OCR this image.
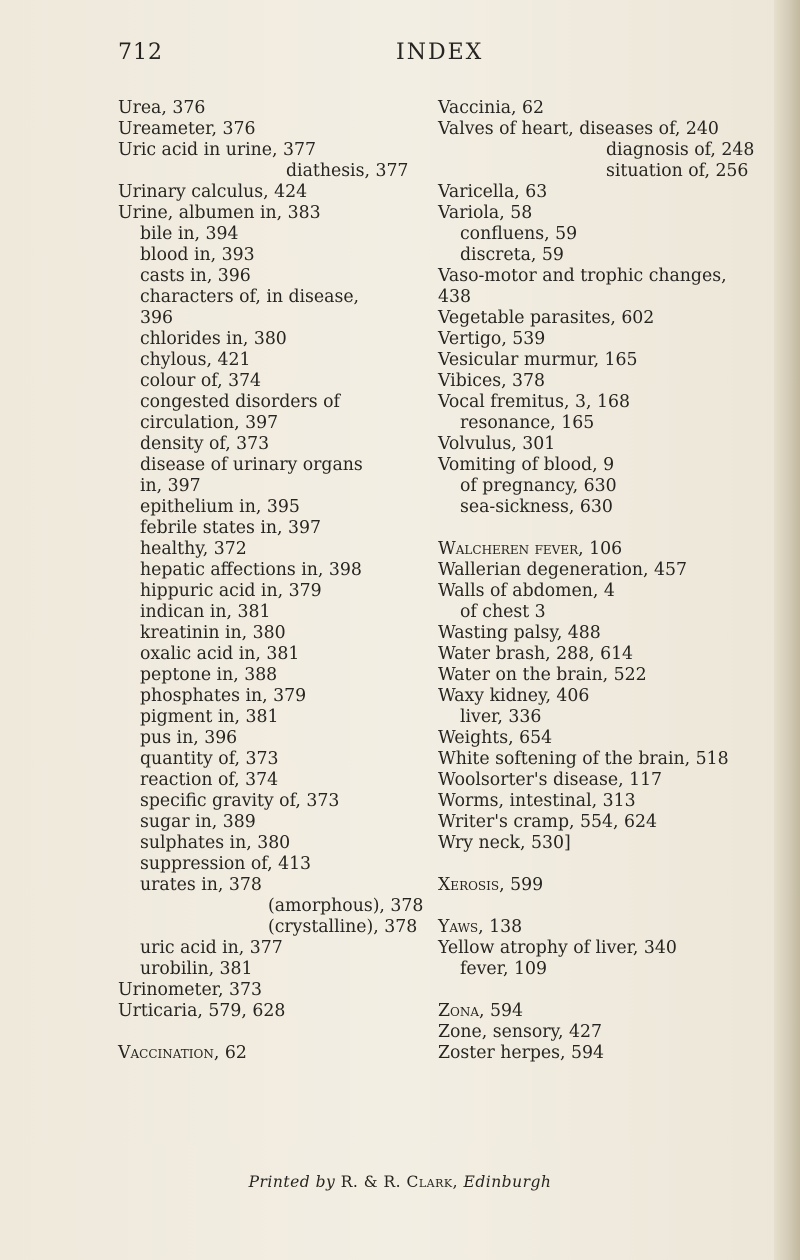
712	INDEX
Urea, 376
Ureameter, 376
Uric acid in urine, 377
diathesis, 377
Urinary calculus, 424
Urine, albumen in, 383
bile in, 394
blood in, 393
casts in, 396
characters of, in disease,
396
chlorides in, 380
chylous, 421
colour of, 374
congested disorders of
circulation, 397
density of, 373
disease of urinary organs
in, 397
epithelium in, 395
febrile states in, 397
healthy, 372
hepatic affections in, 398
hippuric acid in, 379
indican in, 381
kreatinin in, 380
oxalic acid in, 381
peptone in, 388
phosphates in, 379
pigment in, 381
pus in, 396
quantity of, 373
reaction of, 374
specific gravity of, 373
sugar in, 389
sulphates in, 380
suppression of, 413
urates in, 378
(amorphous), 378
(crystalline), 378
uric acid in, 377
urobilin, 381
Urinometer, 373
Urticaria, 579, 628
Vaccination, 62
Vaccinia, 62
Valves of heart, diseases of, 240
diagnosis of, 248
situation of, 256
Varicella, 63
Variola, 58
confluens, 59
discreta, 59
Vaso-motor and trophic changes,
438
Vegetable parasites, 602
Vertigo, 539
Vesicular murmur, 165
Vibices, 378
Vocal fremitus, 3, 168
resonance, 165
Volvulus, 301
Vomiting of blood, 9
of pregnancy, 630
sea-sickness, 630
Walcheren fever, 106
Wallerian degeneration, 457
Walls of abdomen, 4
of chest 3
Wasting palsy, 488
Water brash, 288, 614
Water on the brain, 522
Waxy kidney, 406
liver, 336
Weights, 654
White softening of the brain, 518
Woolsorter's disease, 117
Worms, intestinal, 313
Writer's cramp, 554, 624
Wry neck, 530]
Xerosis, 599
Yaws, 138
Yellow atrophy of liver, 340
fever, 109
Zona, 594
Zone, sensory, 427
Zoster herpes, 594
Printed by R. & R. Clark, Edinburgh
